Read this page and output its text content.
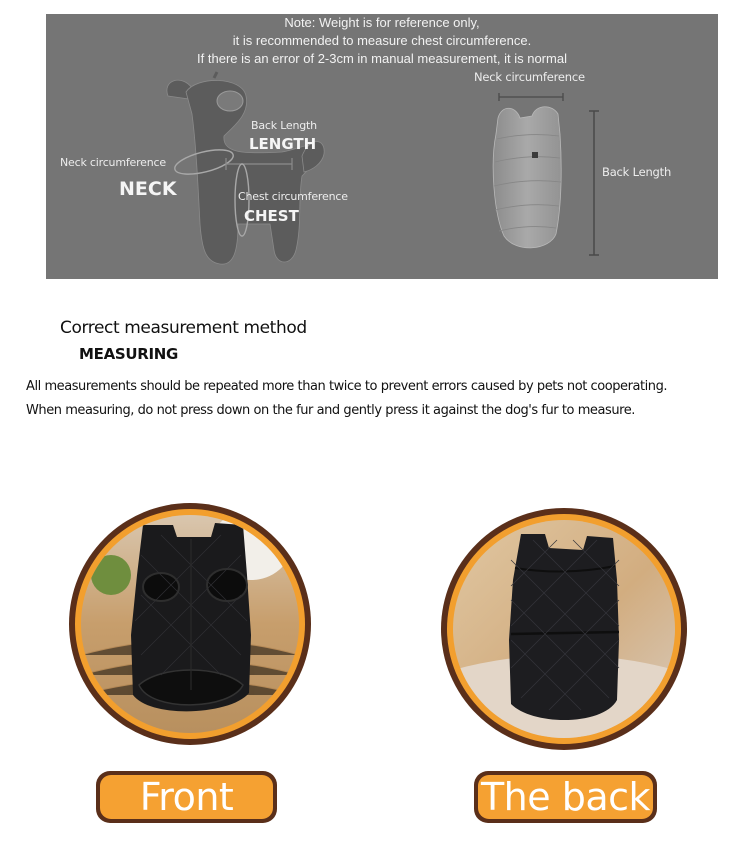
Note: Weight is for reference only,
it is recommended to measure chest circumference.
If there is an error of 2-3cm in manual measurement, it is normal
Back Length
LENGTH
Neck circumference
NECK	Chest circumference
CHEST
Neck circumference
Back Length
Correct measurement method
MEASURING
All measurements should be repeated more than twice to prevent errors caused by pets not cooperating.
When measuring, do not press down on the fur and gently press it against the dog's fur to measure.
Front	The back
